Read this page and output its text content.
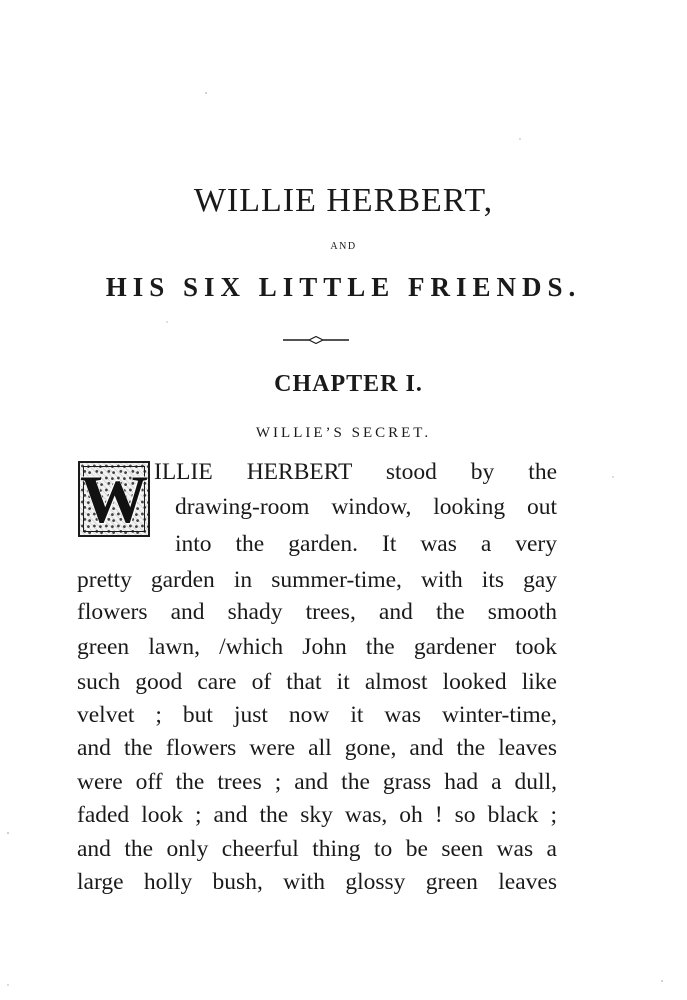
WILLIE HERBERT,
AND
HIS SIX LITTLE FRIENDS.
CHAPTER I.
WILLIE’S SECRET.
W ILLIE HERBERT stood by the

drawing-room window, looking out

into the garden. It was a very

pretty garden in summer-time, with its gay

flowers and shady trees, and the smooth

green lawn, /which John the gardener took

such good care of that it almost looked like

velvet ; but just now it was winter-time,

and the flowers were all gone, and the leaves

were off the trees ; and the grass had a dull,

faded look ; and the sky was, oh ! so black ;

and the only cheerful thing to be seen was a

large holly bush, with glossy green leaves
